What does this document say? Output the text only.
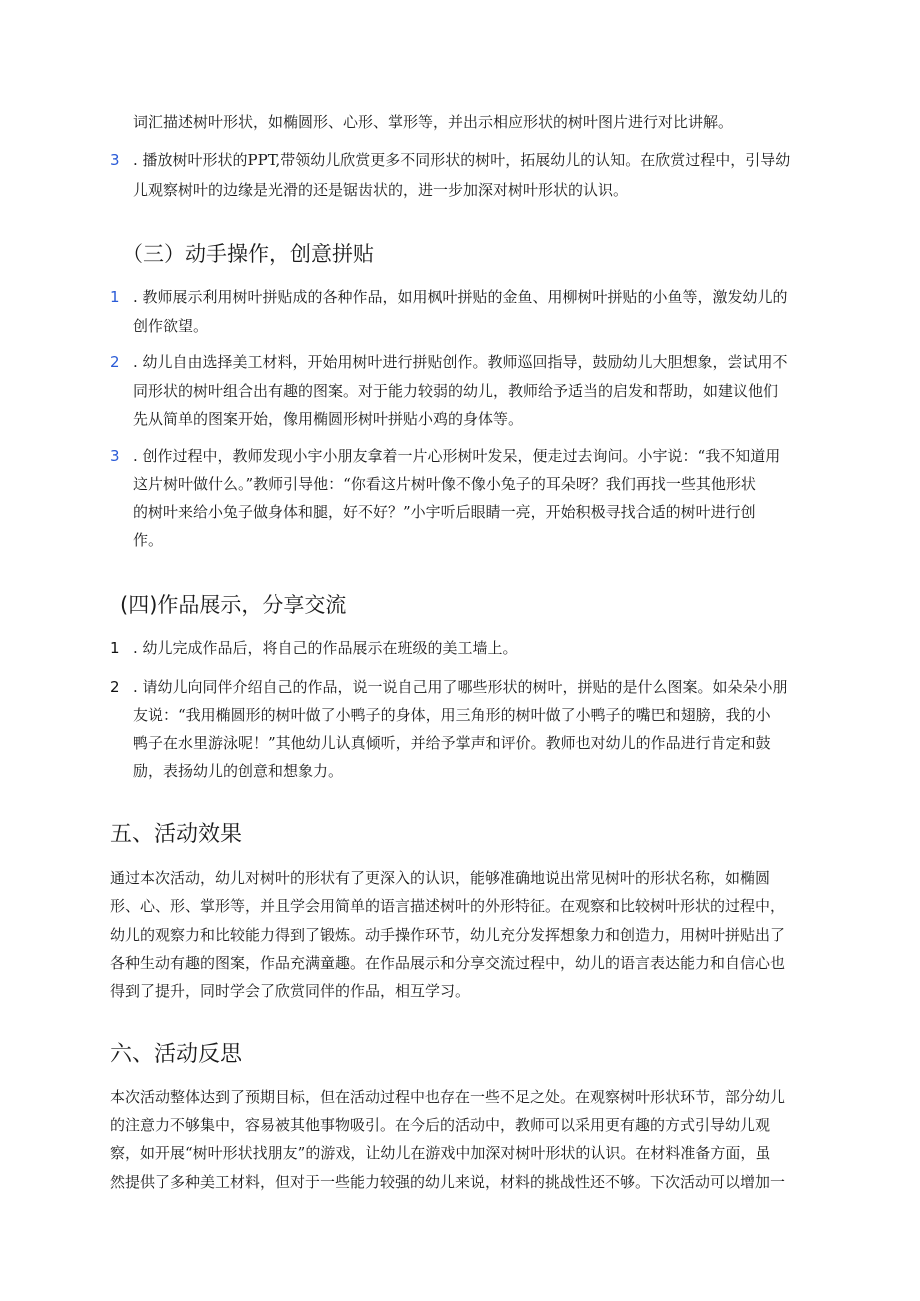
词汇描述树叶形状，如椭圆形、心形、掌形等，并出示相应形状的树叶图片进行对比讲解。

3 . 播放树叶形状的PPT,带领幼儿欣赏更多不同形状的树叶，拓展幼儿的认知。在欣赏过程中，引导幼

儿观察树叶的边缘是光滑的还是锯齿状的，进一步加深对树叶形状的认识。

（三）动手操作，创意拼贴
1 . 教师展示利用树叶拼贴成的各种作品，如用枫叶拼贴的金鱼、用柳树叶拼贴的小鱼等，激发幼儿的

创作欲望。

2 . 幼儿自由选择美工材料，开始用树叶进行拼贴创作。教师巡回指导，鼓励幼儿大胆想象，尝试用不

同形状的树叶组合出有趣的图案。对于能力较弱的幼儿，教师给予适当的启发和帮助，如建议他们

先从简单的图案开始，像用椭圆形树叶拼贴小鸡的身体等。

3 . 创作过程中，教师发现小宇小朋友拿着一片心形树叶发呆，便走过去询问。小宇说：“我不知道用

这片树叶做什么。”教师引导他：“你看这片树叶像不像小兔子的耳朵呀？我们再找一些其他形状

的树叶来给小兔子做身体和腿，好不好？”小宇听后眼睛一亮，开始积极寻找合适的树叶进行创

作。

(四)作品展示，分享交流
1 . 幼儿完成作品后，将自己的作品展示在班级的美工墙上。

2 . 请幼儿向同伴介绍自己的作品，说一说自己用了哪些形状的树叶，拼贴的是什么图案。如朵朵小朋

友说：“我用椭圆形的树叶做了小鸭子的身体，用三角形的树叶做了小鸭子的嘴巴和翅膀，我的小

鸭子在水里游泳呢！”其他幼儿认真倾听，并给予掌声和评价。教师也对幼儿的作品进行肯定和鼓

励，表扬幼儿的创意和想象力。

五、活动效果

通过本次活动，幼儿对树叶的形状有了更深入的认识，能够准确地说出常见树叶的形状名称，如椭圆

形、心、形、掌形等，并且学会用简单的语言描述树叶的外形特征。在观察和比较树叶形状的过程中，

幼儿的观察力和比较能力得到了锻炼。动手操作环节，幼儿充分发挥想象力和创造力，用树叶拼贴出了

各种生动有趣的图案，作品充满童趣。在作品展示和分享交流过程中，幼儿的语言表达能力和自信心也

得到了提升，同时学会了欣赏同伴的作品，相互学习。

六、活动反思

本次活动整体达到了预期目标，但在活动过程中也存在一些不足之处。在观察树叶形状环节，部分幼儿

的注意力不够集中，容易被其他事物吸引。在今后的活动中，教师可以采用更有趣的方式引导幼儿观

察，如开展“树叶形状找朋友”的游戏，让幼儿在游戏中加深对树叶形状的认识。在材料准备方面，虽

然提供了多种美工材料，但对于一些能力较强的幼儿来说，材料的挑战性还不够。下次活动可以增加一
